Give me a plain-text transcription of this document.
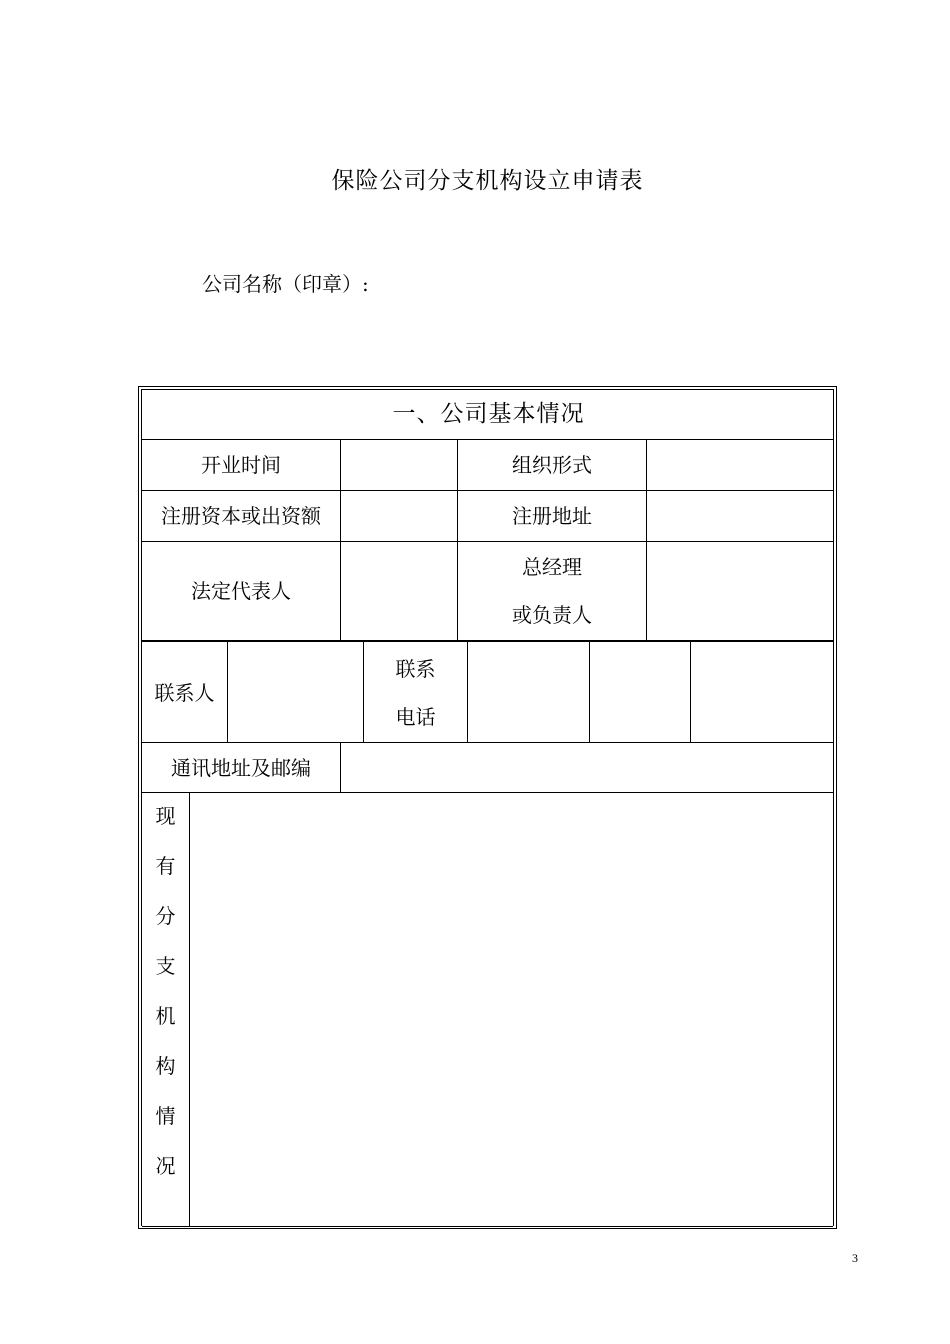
保险公司分支机构设立申请表
公司名称（印章）:
一、公司基本情况
开业时间	组织形式
注册资本或出资额	注册地址
法定代表人
总经理
或负责人
联系人
联系
电话
通讯地址及邮编
现
有
分
支
机
构
情
况
3
